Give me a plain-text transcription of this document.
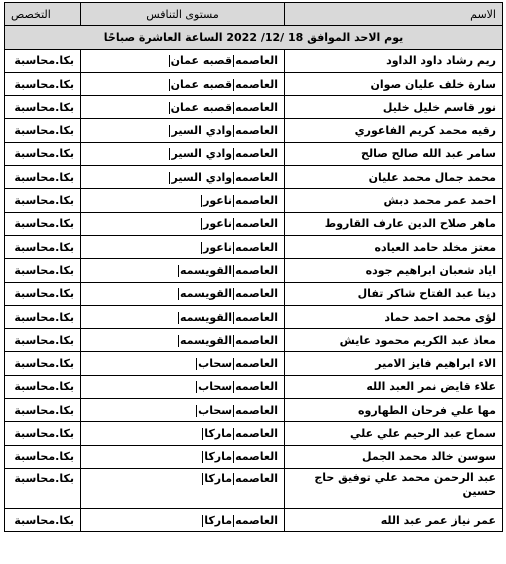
الاسم	مستوى التنافس	التخصص
يوم الاحد الموافق 18 /12/ 2022 الساعة العاشرة صباحًا		
ريم رشاد داود الداود	العاصمهقصبه عمان	بكا.محاسبة
سارة خلف عليان صوان	العاصمهقصبه عمان	بكا.محاسبة
نور قاسم خليل خليل	العاصمهقصبه عمان	بكا.محاسبة
رقيه محمد كريم الفاعوري	العاصمهوادي السير	بكا.محاسبة
سامر عبد الله صالح صالح	العاصمهوادي السير	بكا.محاسبة
محمد جمال محمد عليان	العاصمهوادي السير	بكا.محاسبة
احمد عمر محمد دبش	العاصمهناعور	بكا.محاسبة
ماهر صلاح الدين عارف القاروط	العاصمهناعور	بكا.محاسبة
معتز مخلد حامد العياده	العاصمهناعور	بكا.محاسبة
اياد شعبان ابراهيم جوده	العاصمهالقويسمه	بكا.محاسبة
دينا عبد الفتاح شاكر تفال	العاصمهالقويسمه	بكا.محاسبة
لؤى محمد احمد حماد	العاصمهالقويسمه	بكا.محاسبة
معاذ عبد الكريم محمود عايش	العاصمهالقويسمه	بكا.محاسبة
الاء ابراهيم فايز الامير	العاصمهسحاب	بكا.محاسبة
علاء قايض نمر العبد الله	العاصمهسحاب	بكا.محاسبة
مها علي فرحان الطهاروه	العاصمهسحاب	بكا.محاسبة
سماح عبد الرحيم علي علي	العاصمهماركا	بكا.محاسبة
سوسن خالد محمد الجمل	العاصمهماركا	بكا.محاسبة
عبد الرحمن محمد علي توفيق حاج حسين	العاصمهماركا	بكا.محاسبة
عمر نياز عمر عبد الله	العاصمهماركا	بكا.محاسبة
